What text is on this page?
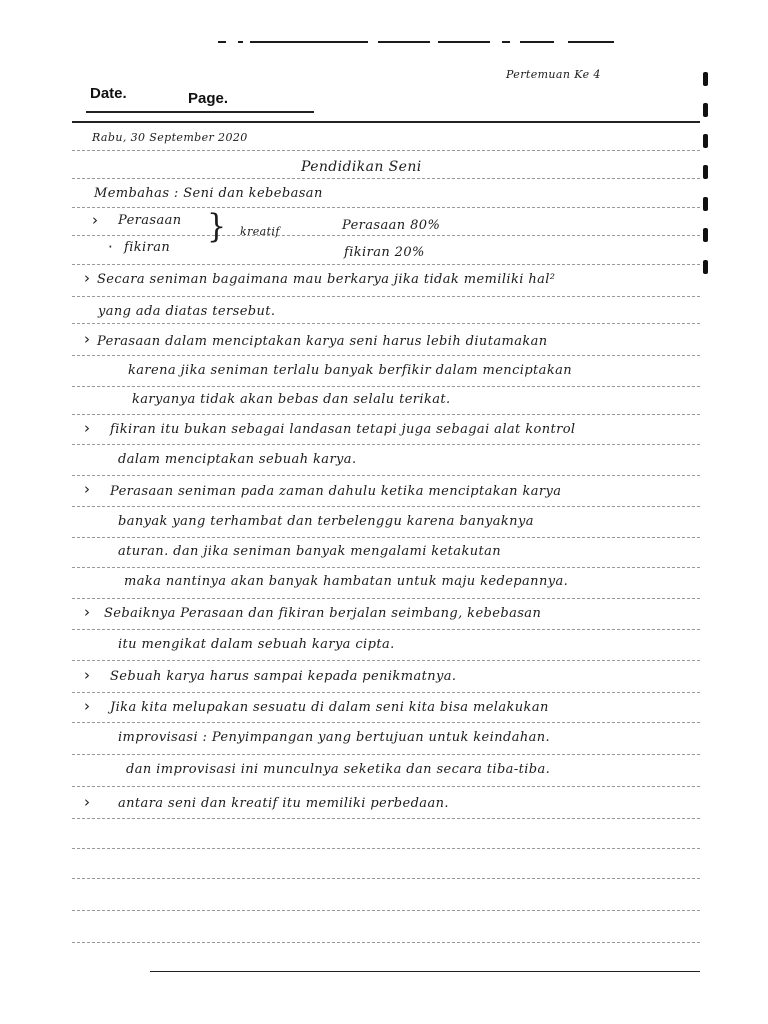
Pertemuan Ke 4
Date.	Page.
Rabu, 30 September 2020
Pendidikan Seni
Membahas : Seni dan kebebasan
› Perasaan
· fikiran
} kreatif	Perasaan 80%
fikiran 20%
› Secara seniman bagaimana mau berkarya jika tidak memiliki hal²
yang ada diatas tersebut.
› Perasaan dalam menciptakan karya seni harus lebih diutamakan
karena jika seniman terlalu banyak berfikir dalam menciptakan
karyanya tidak akan bebas dan selalu terikat.
› fikiran itu bukan sebagai landasan tetapi juga sebagai alat kontrol
dalam menciptakan sebuah karya.
› Perasaan seniman pada zaman dahulu ketika menciptakan karya
banyak yang terhambat dan terbelenggu karena banyaknya
aturan. dan jika seniman banyak mengalami ketakutan
maka nantinya akan banyak hambatan untuk maju kedepannya.
› Sebaiknya Perasaan dan fikiran berjalan seimbang, kebebasan
itu mengikat dalam sebuah karya cipta.
› Sebuah karya harus sampai kepada penikmatnya.
› Jika kita melupakan sesuatu di dalam seni kita bisa melakukan
improvisasi : Penyimpangan yang bertujuan untuk keindahan.
dan improvisasi ini munculnya seketika dan secara tiba-tiba.
› antara seni dan kreatif itu memiliki perbedaan.
